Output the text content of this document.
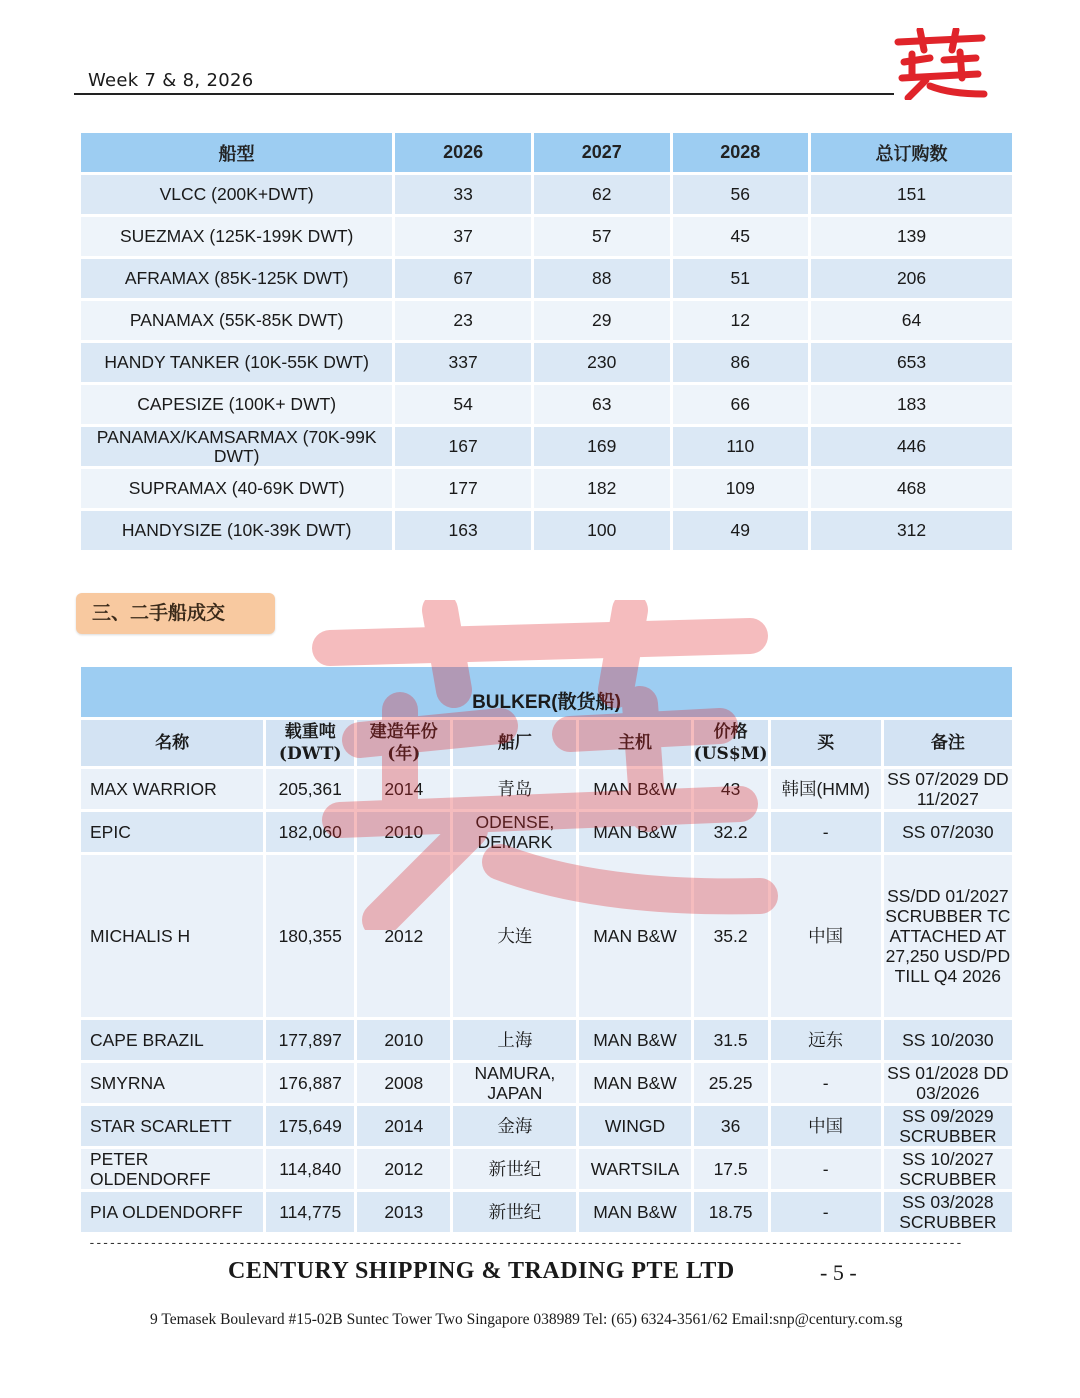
Week 7 & 8, 2026
船型	2026	2027	2028	总订购数
VLCC (200K+DWT)	33	62	56	151
SUEZMAX (125K-199K DWT)	37	57	45	139
AFRAMAX (85K-125K DWT)	67	88	51	206
PANAMAX (55K-85K DWT)	23	29	12	64
HANDY TANKER (10K-55K DWT)	337	230	86	653
CAPESIZE (100K+ DWT)	54	63	66	183
PANAMAX/KAMSARMAX (70K-99K DWT)	167	169	110	446
SUPRAMAX (40-69K DWT)	177	182	109	468
HANDYSIZE (10K-39K DWT)	163	100	49	312
三、二手船成交
BULKER(散货船)							
名称	载重吨 (DWT)	建造年份 (年)	船厂	主机	价格 (US$M)	买	备注
MAX WARRIOR	205,361	2014	青岛	MAN B&W	43	韩国(HMM)	SS 07/2029 DD 11/2027
EPIC	182,060	2010	ODENSE, DEMARK	MAN B&W	32.2	-	SS 07/2030
MICHALIS H	180,355	2012	大连	MAN B&W	35.2	中国	SS/DD 01/2027 SCRUBBER TC ATTACHED AT 27,250 USD/PD TILL Q4 2026
CAPE BRAZIL	177,897	2010	上海	MAN B&W	31.5	远东	SS 10/2030
SMYRNA	176,887	2008	NAMURA, JAPAN	MAN B&W	25.25	-	SS 01/2028 DD 03/2026
STAR SCARLETT	175,649	2014	金海	WINGD	36	中国	SS 09/2029 SCRUBBER
PETER OLDENDORFF	114,840	2012	新世纪	WARTSILA	17.5	-	SS 10/2027 SCRUBBER
PIA OLDENDORFF	114,775	2013	新世纪	MAN B&W	18.75	-	SS 03/2028 SCRUBBER
--------------------------------------------------------------------------------------------------------------------------------
CENTURY SHIPPING & TRADING PTE LTD	- 5 -
9 Temasek Boulevard #15-02B Suntec Tower Two Singapore 038989 Tel: (65) 6324-3561/62 Email:snp@century.com.sg
